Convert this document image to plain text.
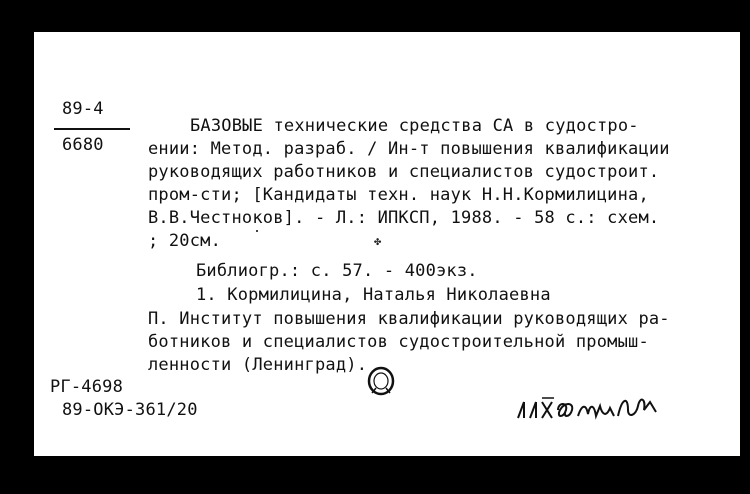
89-4
6680
БАЗОВЫЕ технические средства СА в судостро-
ении: Метод. разраб. / Ин-т повышения квалификации
руководящих работников и специалистов судостроит.
пром-сти; [Кандидаты техн. наук Н.Н.Кормилицина,
В.В.Честноков]. - Л.: ИПКСП, 1988. - 58 с.: схем.
; 20см.	✤
Библиогр.: с. 57. - 400экз.
1. Кормилицина, Наталья Николаевна
П. Институт повышения квалификации руководящих ра-
ботников и специалистов судостроительной промыш-
ленности (Ленинград).
РГ-4698
89-ОКЭ-361/20
